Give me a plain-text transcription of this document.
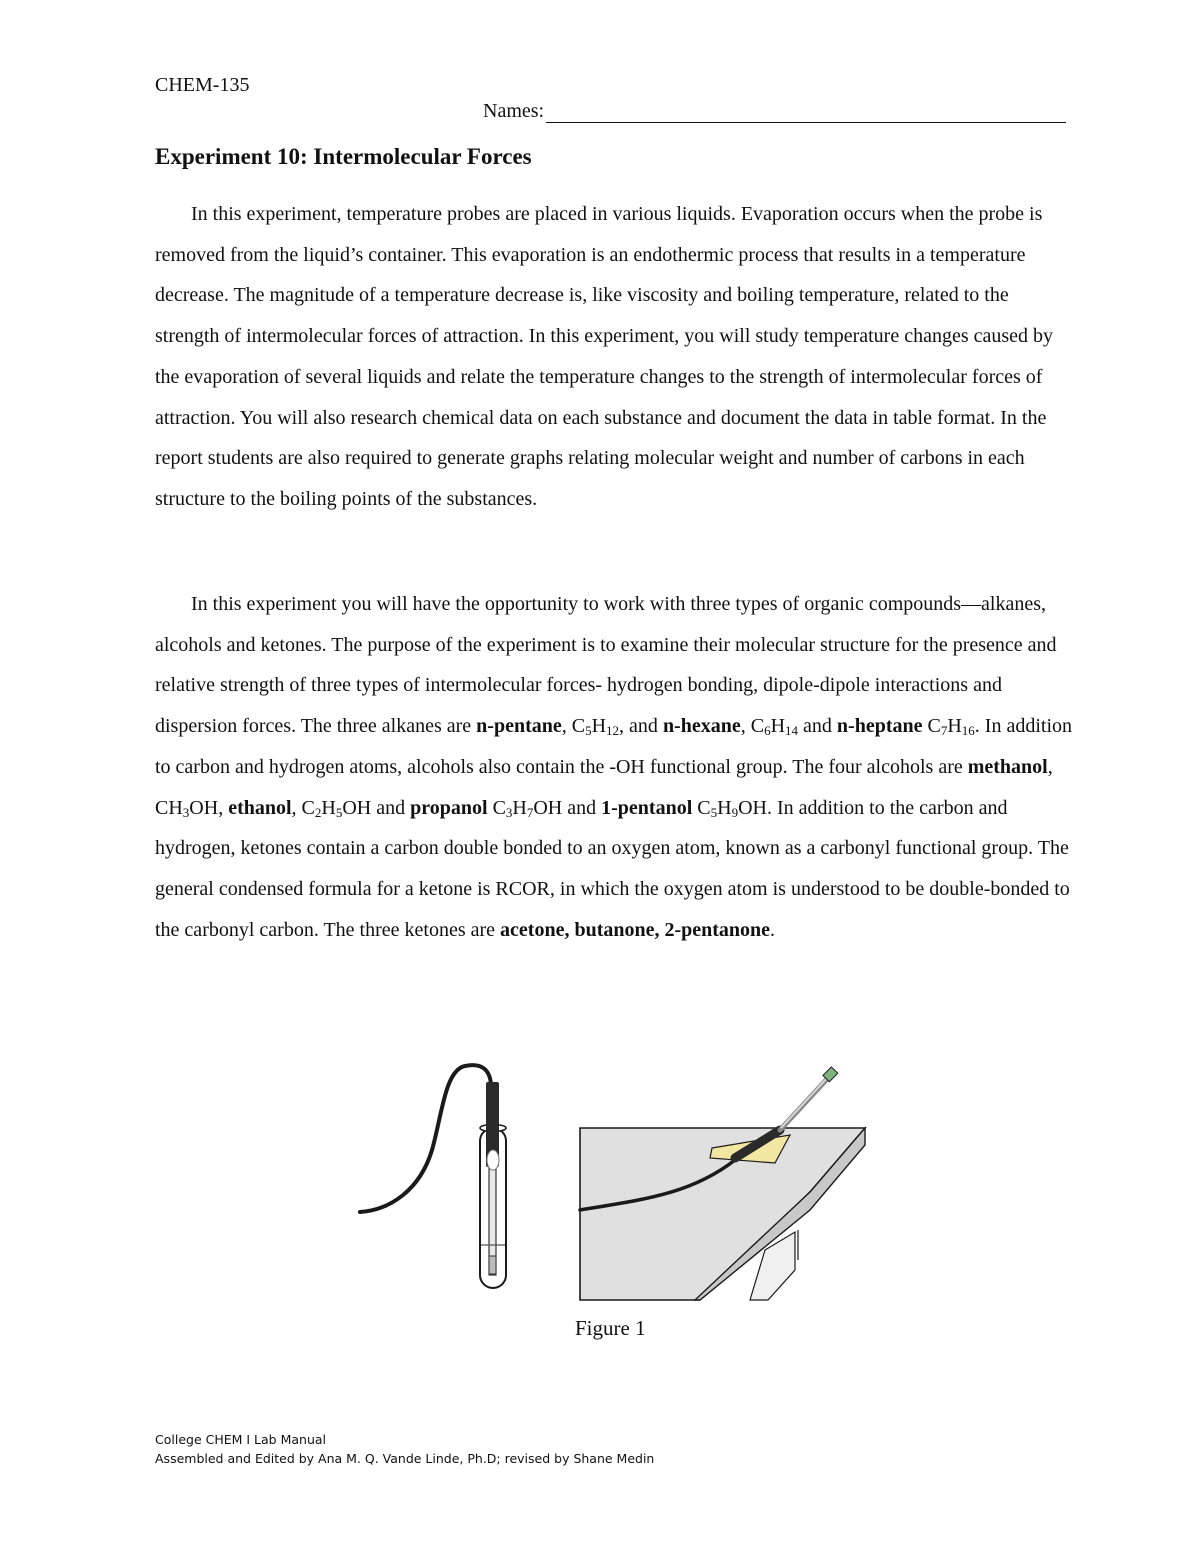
CHEM-135
Names:
Experiment 10: Intermolecular Forces

In this experiment, temperature probes are placed in various liquids. Evaporation occurs when the probe is removed from the liquid’s container. This evaporation is an endothermic process that results in a temperature decrease. The magnitude of a temperature decrease is, like viscosity and boiling temperature, related to the strength of intermolecular forces of attraction. In this experiment, you will study temperature changes caused by the evaporation of several liquids and relate the temperature changes to the strength of intermolecular forces of attraction. You will also research chemical data on each substance and document the data in table format. In the report students are also required to generate graphs relating molecular weight and number of carbons in each structure to the boiling points of the substances.

In this experiment you will have the opportunity to work with three types of organic compounds—alkanes, alcohols and ketones. The purpose of the experiment is to examine their molecular structure for the presence and relative strength of three types of intermolecular forces- hydrogen bonding, dipole-dipole interactions and dispersion forces. The three alkanes are n-pentane, $C_5H_{12}$, and n-hexane, $C_6H_{14}$ and n-heptane $C_7H_{16}$. In addition to carbon and hydrogen atoms, alcohols also contain the -OH functional group. The four alcohols are methanol, $CH_3OH$, ethanol, $C_2H_5OH$ and propanol $C_3H_7OH$ and 1-pentanol $C_5H_9OH$. In addition to the carbon and hydrogen, ketones contain a carbon double bonded to an oxygen atom, known as a carbonyl functional group. The general condensed formula for a ketone is RCOR, in which the oxygen atom is understood to be double-bonded to the carbonyl carbon. The three ketones are acetone, butanone, 2-pentanone.

Figure 1
College CHEM I Lab Manual
Assembled and Edited by Ana M. Q. Vande Linde, Ph.D; revised by Shane Medin
